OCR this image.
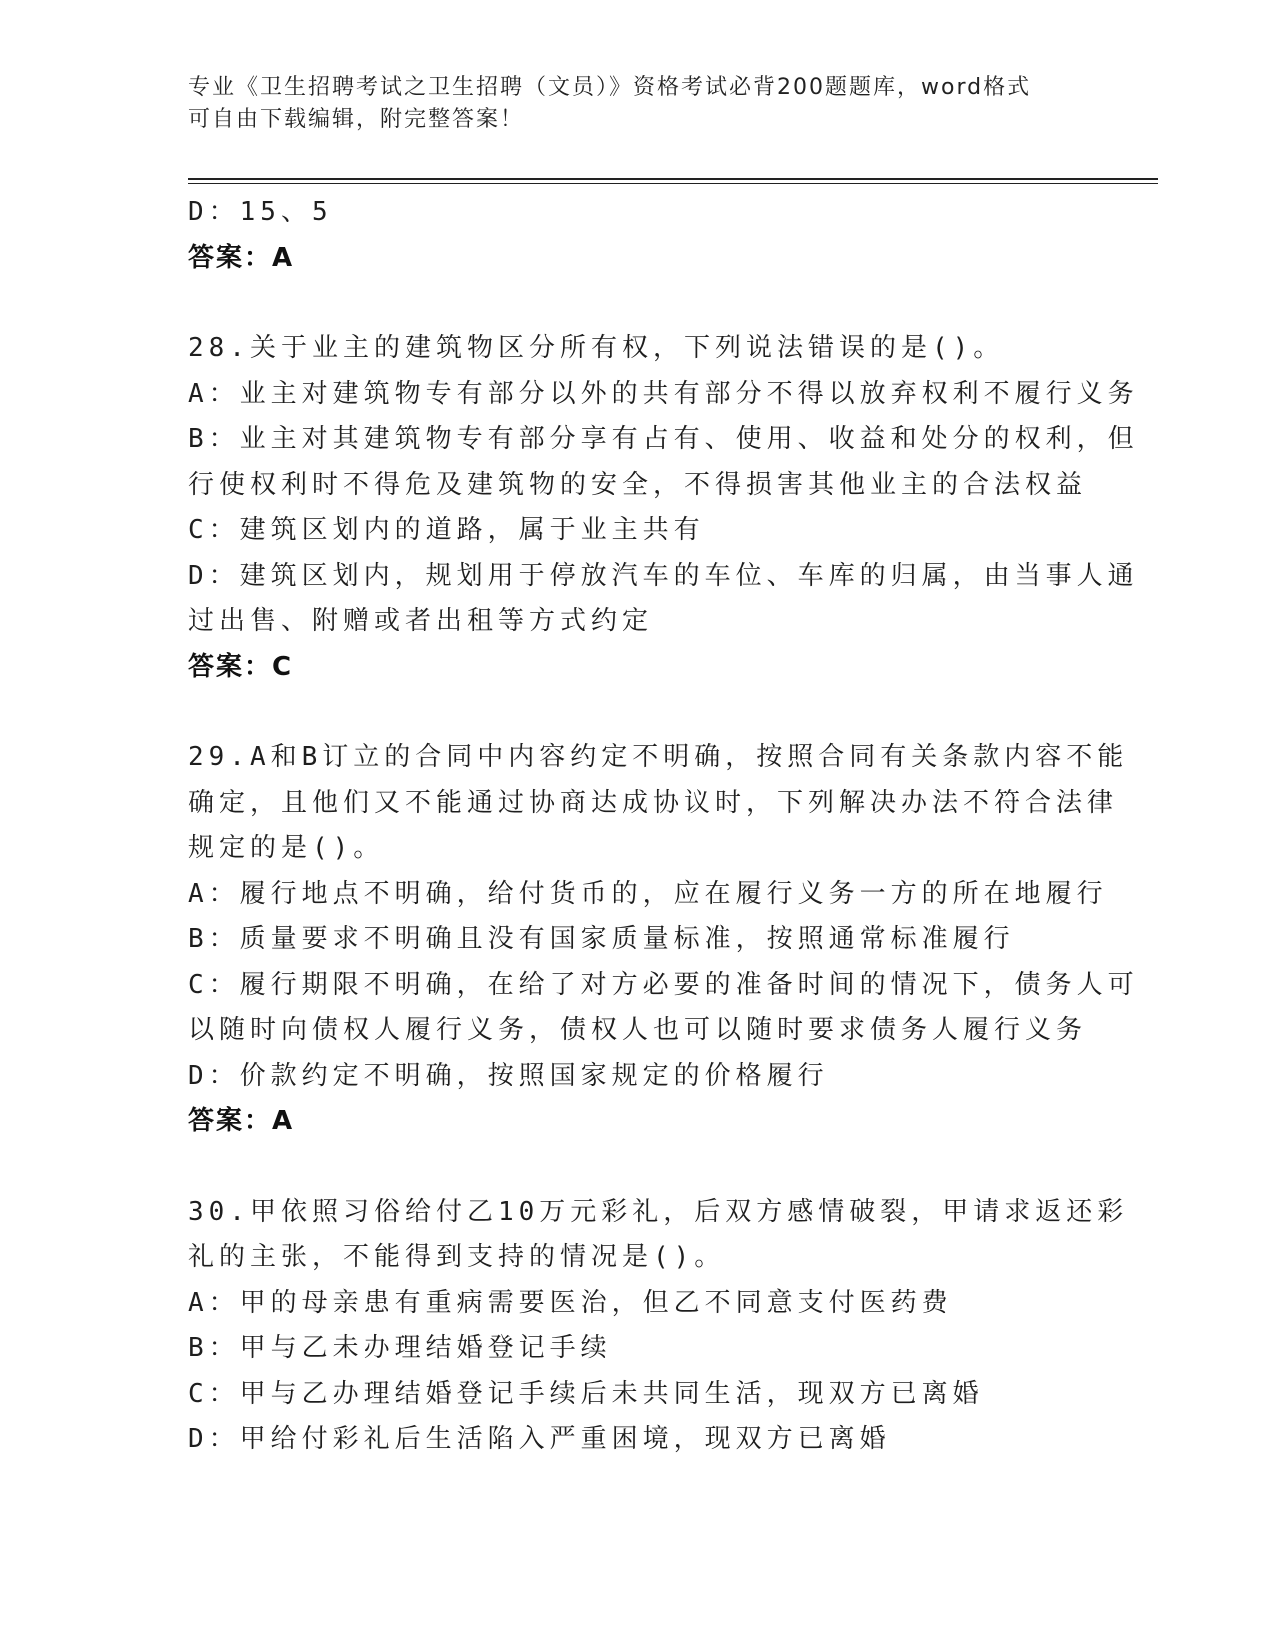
专业《卫生招聘考试之卫生招聘（文员）》资格考试必背200题题库，word格式
可自由下载编辑，附完整答案！
D：15、5
答案：A
28.关于业主的建筑物区分所有权，下列说法错误的是()。
A：业主对建筑物专有部分以外的共有部分不得以放弃权利不履行义务
B：业主对其建筑物专有部分享有占有、使用、收益和处分的权利，但
行使权利时不得危及建筑物的安全，不得损害其他业主的合法权益
C：建筑区划内的道路，属于业主共有
D：建筑区划内，规划用于停放汽车的车位、车库的归属，由当事人通
过出售、附赠或者出租等方式约定
答案：C
29.A和B订立的合同中内容约定不明确，按照合同有关条款内容不能
确定，且他们又不能通过协商达成协议时，下列解决办法不符合法律
规定的是()。
A：履行地点不明确，给付货币的，应在履行义务一方的所在地履行
B：质量要求不明确且没有国家质量标准，按照通常标准履行
C：履行期限不明确，在给了对方必要的准备时间的情况下，债务人可
以随时向债权人履行义务，债权人也可以随时要求债务人履行义务
D：价款约定不明确，按照国家规定的价格履行
答案：A
30.甲依照习俗给付乙10万元彩礼，后双方感情破裂，甲请求返还彩
礼的主张，不能得到支持的情况是()。
A：甲的母亲患有重病需要医治，但乙不同意支付医药费
B：甲与乙未办理结婚登记手续
C：甲与乙办理结婚登记手续后未共同生活，现双方已离婚
D：甲给付彩礼后生活陷入严重困境，现双方已离婚
